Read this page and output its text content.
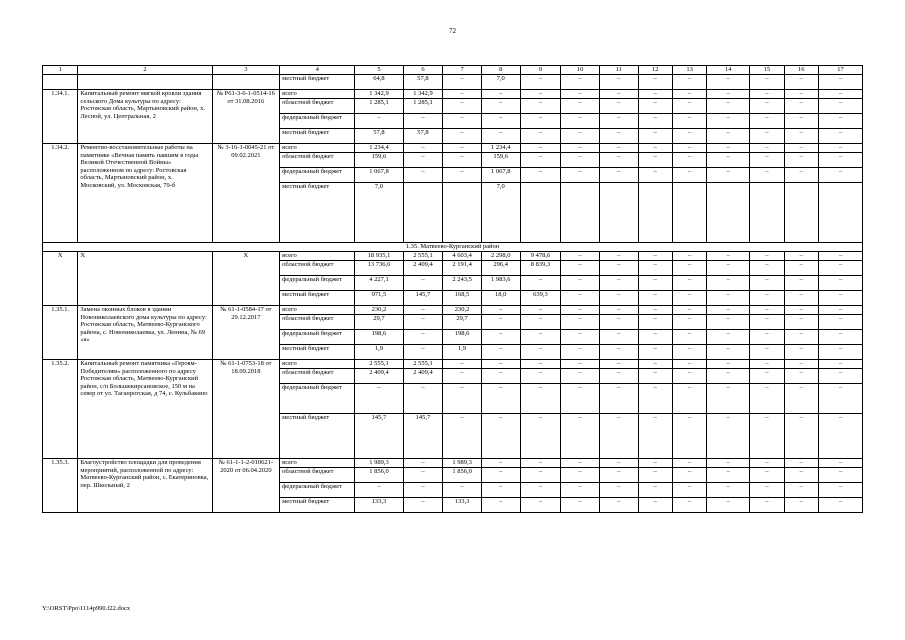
72
1	2	3	4	5	6	7	8	9	10	11	12	13	14	15	16	17
			местный бюджет	64,8	57,8	–	7,0	–	–	–	–	–	–	–	–	–
1.34.1.	Капитальный ремонт мягкой кровли здания сельского Дома культуры по адресу: Ростовская область, Мартыновский район, х. Лесной, ул. Центральная, 2	№ Р61-3-6-1-0514-16 от 31.08.2016	всего	1 342,9	1 342,9	–	–	–	–	–	–	–	–	–	–	–
			областной бюджет	1 285,1	1 285,1	–	–	–	–	–	–	–	–	–	–	–
			федеральный бюджет	–	–	–	–	–	–	–	–	–	–	–	–	–
			местный бюджет	57,8	57,8	–	–	–	–	–	–	–	–	–	–	–
1.34.2.	Ремонтно-восстановительные работы на памятнике «Вечная память павшим в годы Великой Отечественной Войны» расположенном по адресу: Ростовская область, Мартыновский район, х. Московский, ул. Московская, 79-б	№ 3-16-1-0045-21 от 09.02.2021	всего	1 234,4	–	–	1 234,4	–	–	–	–	–	–	–	–	–
			областной бюджет	159,6	–	–	159,6	–	–	–	–	–	–	–	–	–
			федеральный бюджет	1 067,8	–	–	1 067,8	–	–	–	–	–	–	–	–	–
			местный бюджет	7,0			7,0									
1.35. Матвеево-Курганский район																
X	X	X	всего	18 935,1	2 555,1	4 603,4	2 298,0	9 478,6	–	–	–	–	–	–	–	–
			областной бюджет	13 736,6	2 409,4	2 191,4	296,4	8 839,3	–	–	–	–	–	–	–	–
			федеральный бюджет	4 227,1	–	2 243,5	1 983,6	–	–	–	–	–	–	–	–	–
			местный бюджет	971,5	145,7	168,5	18,0	639,3	–	–	–	–	–	–	–	–
1.35.1.	Замена оконных блоков в здании Новониколаевского дома культуры по адресу: Ростовская область, Матвеево-Курганского района, с. Новониколаевка, ул. Ленина, № 69 «а»	№ 61-1-0584-17 от 29.12.2017	всего	230,2	–	230,2	–	–	–	–	–	–	–	–	–	–
			областной бюджет	29,7	–	29,7	–	–	–	–	–	–	–	–	–	–
			федеральный бюджет	198,6	–	198,6	–	–	–	–	–	–	–	–	–	–
			местный бюджет	1,9	–	1,9	–	–	–	–	–	–	–	–	–	–
1.35.2.	Капитальный ремонт памятника «Героям-Победителям» расположенного по адресу Ростовская область, Матвеево-Курганский район, с/п Большекирсановское, 150 м на север от ул. Таганрогская, д 74, с. Кульбакино	№ 61-1-0753-18 от 18.09.2018	всего	2 555,1	2 555,1	–	–	–	–	–	–	–	–	–	–	–
			областной бюджет	2 409,4	2 409,4	–	–	–	–	–	–	–	–	–	–	–
			федеральный бюджет	–	–	–	–	–	–	–	–	–	–	–	–	–
			местный бюджет	145,7	145,7	–	–	–	–	–	–	–	–	–	–	–
1.35.3.	Благоустройство площадки для проведения мероприятий, расположенной по адресу: Матвеево-Курганский район, с. Екатериновка, пер. Школьный, 2	№ 61-1-1-2-010621-2020 от 06.04.2020	всего	1 989,3	–	1 989,3	–	–	–	–	–	–	–	–	–	–
			областной бюджет	1 856,0	–	1 856,0	–	–	–	–	–	–	–	–	–	–
			федеральный бюджет	–	–	–	–	–	–	–	–	–	–	–	–	–
			местный бюджет	133,3	–	133,3	–	–	–	–	–	–	–	–	–	–
Y:\ORST\Ppo\1114p990.f22.docx
